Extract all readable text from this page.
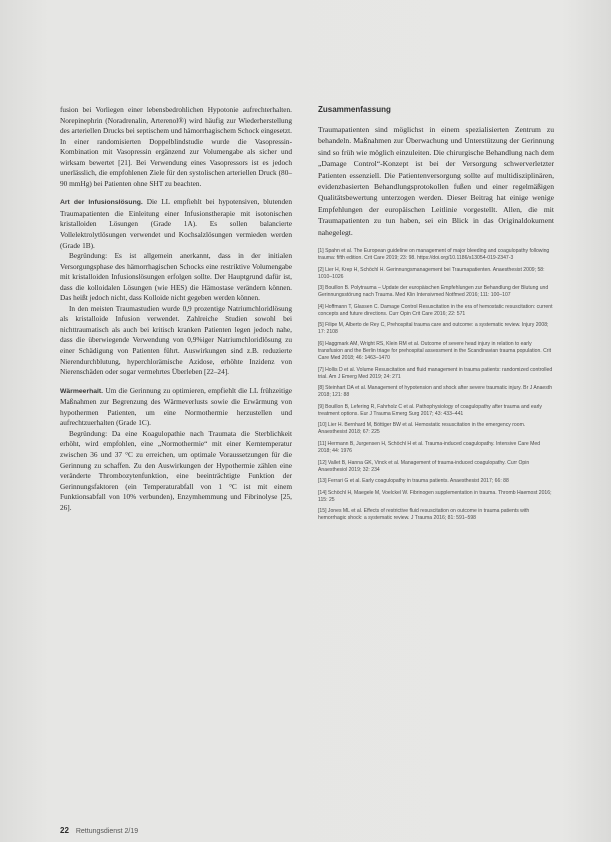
fusion bei Vorliegen einer lebensbedrohlichen Hypotonie aufrechterhalten. Norepinephrin (Noradrenalin, Arterenol®) wird häufig zur Wiederherstellung des arteriellen Drucks bei septischem und hämorrhagischem Schock eingesetzt. In einer randomisierten Doppelblindstudie wurde die Vasopressin-Kombination mit Vasopressin ergänzend zur Volumengabe als sicher und wirksam bewertet [21]. Bei Verwendung eines Vasopressors ist es jedoch unerlässlich, die empfohlenen Ziele für den systolischen arteriellen Druck (80–90 mmHg) bei Patienten ohne SHT zu beachten.

Art der Infusionslösung. Die LL empfiehlt bei hypotensiven, blutenden Traumapatienten die Einleitung einer Infusionstherapie mit isotonischen kristalloiden Lösungen (Grade 1A). Es sollen balancierte Vollelektrolytlösungen verwendet und Kochsalzlösungen vermieden werden (Grade 1B).

Begründung: Es ist allgemein anerkannt, dass in der initialen Versorgungsphase des hämorrhagischen Schocks eine restriktive Volumengabe mit kristalloiden Infusionslösungen erfolgen sollte. Der Hauptgrund dafür ist, dass die kolloidalen Lösungen (wie HES) die Hämostase verändern können. Das heißt jedoch nicht, dass Kolloide nicht gegeben werden können.

In den meisten Traumastudien wurde 0,9 prozentige Natriumchloridlösung als kristalloide Infusion verwendet. Zahlreiche Studien sowohl bei nichttraumatisch als auch bei kritisch kranken Patienten legen jedoch nahe, dass die überwiegende Verwendung von 0,9%iger Natriumchloridlösung zu einer Schädigung von Patienten führt. Auswirkungen sind z.B. reduzierte Nierendurchblutung, hyperchlorämische Azidose, erhöhte Inzidenz von Nierenschäden oder sogar vermehrtes Überleben [22–24].

Wärmeerhalt. Um die Gerinnung zu optimieren, empfiehlt die LL frühzeitige Maßnahmen zur Begrenzung des Wärmeverlusts sowie die Erwärmung von hypothermen Patienten, um eine Normothermie herzustellen und aufrechtzuerhalten (Grade 1C).

Begründung: Da eine Koagulopathie nach Traumata die Sterblichkeit erhöht, wird empfohlen, eine „Normothermie“ mit einer Kerntemperatur zwischen 36 und 37 °C zu erreichen, um optimale Voraussetzungen für die Gerinnung zu schaffen. Zu den Auswirkungen der Hypothermie zählen eine veränderte Thrombozytenfunktion, eine beeinträchtigte Funktion der Gerinnungsfaktoren (ein Temperaturabfall von 1 °C ist mit einem Funktionsabfall von 10% verbunden), Enzymhemmung und Fibrinolyse [25, 26].

Zusammenfassung

Traumapatienten sind möglichst in einem spezialisierten Zentrum zu behandeln. Maßnahmen zur Überwachung und Unterstützung der Gerinnung sind so früh wie möglich einzuleiten. Die chirurgische Behandlung nach dem „Damage Control“-Konzept ist bei der Versorgung schwerverletzter Patienten essenziell. Die Patientenversorgung sollte auf multidisziplinären, evidenzbasierten Behandlungsprotokollen fußen und einer regelmäßigen Qualitätsbewertung unterzogen werden. Dieser Beitrag hat einige wenige Empfehlungen der europäischen Leitlinie vorgestellt. Allen, die mit Traumapatienten zu tun haben, sei ein Blick in das Originaldokument nahegelegt.

[1] Spahn et al. The European guideline on management of major bleeding and coagulopathy following trauma: fifth edition. Crit Care 2019; 23: 98. https://doi.org/10.1186/s13054-019-2347-3

[2] Lier H, Krep H, Schöchl H. Gerinnungsmanagement bei Traumapatienten. Anaesthesist 2009; 58: 1010–1026

[3] Bouillon B. Polytrauma – Update der europäischen Empfehlungen zur Behandlung der Blutung und Gerinnungsstörung nach Trauma. Med Klin Intensivmed Notfmed 2016; 111: 100–107

[4] Hoffmann T, Glassen C. Damage Control Resuscitation in the era of hemostatic resuscitation: current concepts and future directions. Curr Opin Crit Care 2016; 22: 571

[5] Filipe M, Alberto de Rey C, Prehospital trauma care and outcome: a systematic review. Injury 2008; 17: 2108

[6] Haggmark AM, Wright RS, Klein RM et al. Outcome of severe head injury in relation to early transfusion and the Berlin triage for prehospital assessment in the Scandinavian trauma population. Crit Care Med 2018; 46: 1463–1470

[7] Hollis D et al. Volume Resuscitation and fluid management in trauma patients: randomized controlled trial. Am J Emerg Med 2019; 24: 271

[8] Steinhart DA et al. Management of hypotension and shock after severe traumatic injury. Br J Anaesth 2018; 121: 88

[9] Bouillon B, Lefering R, Fahrholz C et al. Pathophysiology of coagulopathy after trauma and early treatment options. Eur J Trauma Emerg Surg 2017; 43: 433–441

[10] Lier H. Bernhard M, Böttiger BW et al. Hemostatic resuscitation in the emergency room. Anaesthesist 2018; 67: 225

[11] Hermann B, Jurgensen H, Schöchl H et al. Trauma-induced coagulopathy. Intensive Care Med 2018; 44: 1976

[12] Vallet B, Hanna GK, Vinck et al. Management of trauma-induced coagulopathy. Curr Opin Anaesthesiol 2019; 32: 234

[13] Ferrari G et al. Early coagulopathy in trauma patients. Anaesthesist 2017; 66: 88

[14] Schöchl H, Maegele M, Voelckel W. Fibrinogen supplementation in trauma. Thromb Haemost 2016; 115: 25

[15] Jones ML et al. Effects of restrictive fluid resuscitation on outcome in trauma patients with hemorrhagic shock: a systematic review. J Trauma 2016; 81: 591–598

22 Rettungsdienst 2/19
